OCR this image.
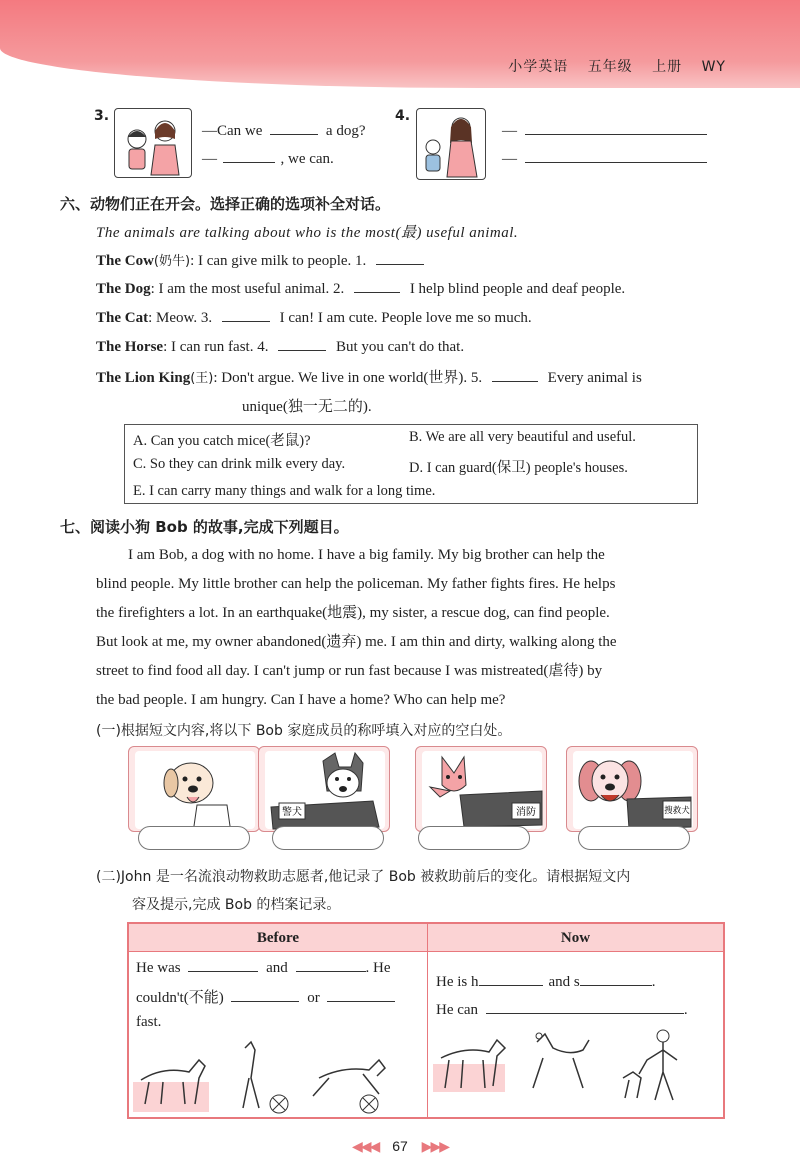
小学英语 五年级 上册 WY
3.
—Can we	a dog?
—	, we can.
4.
—
—
六、动物们正在开会。选择正确的选项补全对话。
The animals are talking about who is the most(最) useful animal.
The Cow(奶牛): I can give milk to people. 1.
The Dog: I am the most useful animal. 2.	I help blind people and deaf people.
The Cat: Meow. 3.	I can! I am cute. People love me so much.
The Horse: I can run fast. 4.	But you can't do that.
The Lion King(王): Don't argue. We live in one world(世界). 5.	Every animal is
unique(独一无二的).
A. Can you catch mice(老鼠)?	B. We are all very beautiful and useful.
C. So they can drink milk every day.	D. I can guard(保卫) people's houses.
E. I can carry many things and walk for a long time.
七、阅读小狗 Bob 的故事,完成下列题目。
I am Bob, a dog with no home. I have a big family. My big brother can help the
blind people. My little brother can help the policeman. My father fights fires. He helps
the firefighters a lot. In an earthquake(地震), my sister, a rescue dog, can find people.
But look at me, my owner abandoned(遗弃) me. I am thin and dirty, walking along the
street to find food all day. I can't jump or run fast because I was mistreated(虐待) by
the bad people. I am hungry. Can I have a home? Who can help me?
(一)根据短文内容,将以下 Bob 家庭成员的称呼填入对应的空白处。
警犬	消防	搜救犬
(二)John 是一名流浪动物救助志愿者,他记录了 Bob 被救助前后的变化。请根据短文内
容及提示,完成 Bob 的档案记录。
Before	Now
He was	and	. He
couldn't(不能)	or
fast.
He is h	and s	.
He can	.
◀◀◀ 67 ▶▶▶
